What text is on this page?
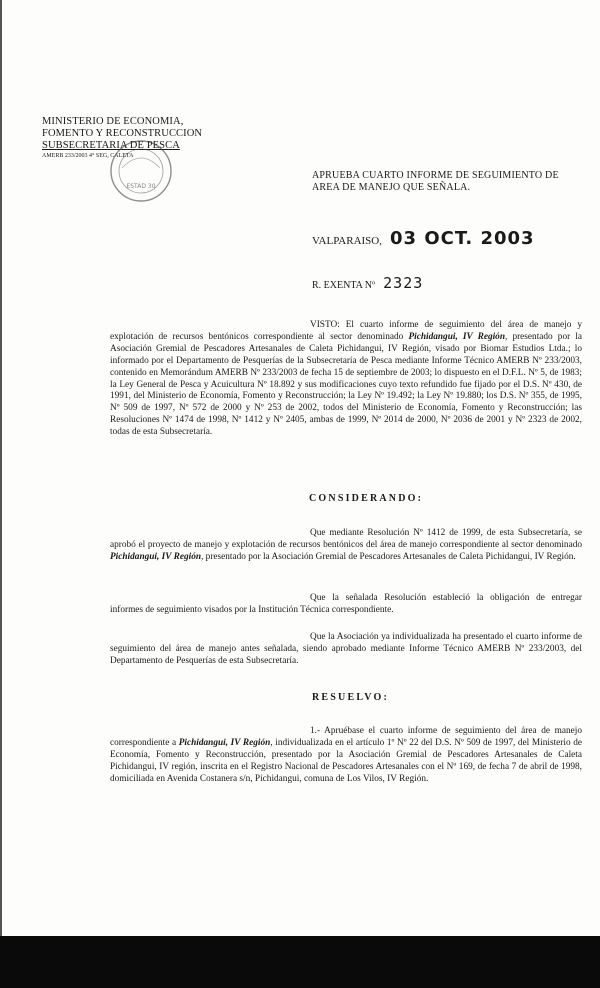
MINISTERIO DE ECONOMIA,
FOMENTO Y RECONSTRUCCION
SUBSECRETARIA DE PESCA
AMERB 233/2003 4° SEG, CALETA
ESTAD 30
APRUEBA CUARTO INFORME DE SEGUIMIENTO DE AREA DE MANEJO QUE SEÑALA.
VALPARAISO, 03 OCT. 2003
R. EXENTA Nº 2323
VISTO: El cuarto informe de seguimiento del área de manejo y explotación de recursos bentónicos correspondiente al sector denominado Pichidangui, IV Región, presentado por la Asociación Gremial de Pescadores Artesanales de Caleta Pichidangui, IV Región, visado por Biomar Estudios Ltda.; lo informado por el Departamento de Pesquerías de la Subsecretaría de Pesca mediante Informe Técnico AMERB Nº 233/2003, contenido en Memorándum AMERB Nº 233/2003 de fecha 15 de septiembre de 2003; lo dispuesto en el D.F.L. Nº 5, de 1983; la Ley General de Pesca y Acuicultura Nº 18.892 y sus modificaciones cuyo texto refundido fue fijado por el D.S. Nº 430, de 1991, del Ministerio de Economía, Fomento y Reconstrucción; la Ley Nº 19.492; la Ley Nº 19.880; los D.S. Nº 355, de 1995, Nº 509 de 1997, Nº 572 de 2000 y Nº 253 de 2002, todos del Ministerio de Economía, Fomento y Reconstrucción; las Resoluciones Nº 1474 de 1998, Nº 1412 y Nº 2405, ambas de 1999, Nº 2014 de 2000, Nº 2036 de 2001 y Nº 2323 de 2002, todas de esta Subsecretaría.
CONSIDERANDO:
Que mediante Resolución Nº 1412 de 1999, de esta Subsecretaría, se aprobó el proyecto de manejo y explotación de recursos bentónicos del área de manejo correspondiente al sector denominado Pichidangui, IV Región, presentado por la Asociación Gremial de Pescadores Artesanales de Caleta Pichidangui, IV Región.
Que la señalada Resolución estableció la obligación de entregar informes de seguimiento visados por la Institución Técnica correspondiente.
Que la Asociación ya individualizada ha presentado el cuarto informe de seguimiento del área de manejo antes señalada, siendo aprobado mediante Informe Técnico AMERB Nº 233/2003, del Departamento de Pesquerías de esta Subsecretaría.
RESUELVO:
1.- Apruébase el cuarto informe de seguimiento del área de manejo correspondiente a Pichidangui, IV Región, individualizada en el artículo 1º Nº 22 del D.S. Nº 509 de 1997, del Ministerio de Economía, Fomento y Reconstrucción, presentado por la Asociación Gremial de Pescadores Artesanales de Caleta Pichidangui, IV región, inscrita en el Registro Nacional de Pescadores Artesanales con el Nº 169, de fecha 7 de abril de 1998, domiciliada en Avenida Costanera s/n, Pichidangui, comuna de Los Vilos, IV Región.
